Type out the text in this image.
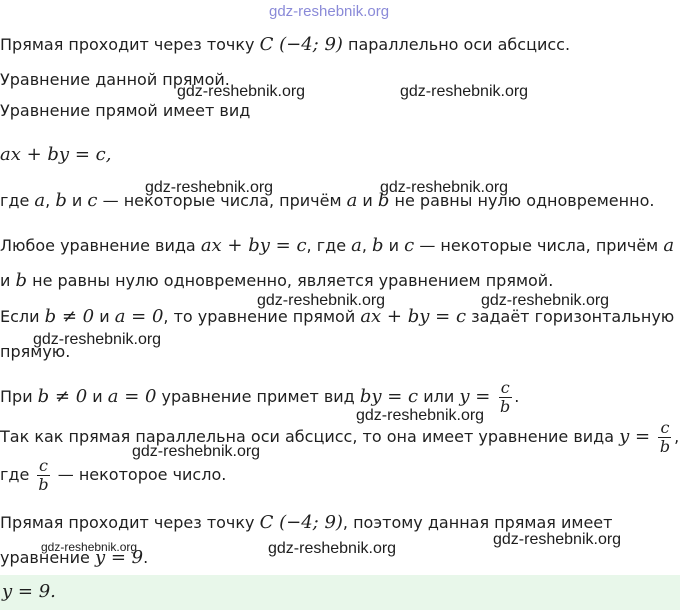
gdz-reshebnik.org
Прямая проходит через точку C (−4; 9) параллельно оси абсцисс.
Уравнение данной прямой.
gdz-reshebnik.org	gdz-reshebnik.org
Уравнение прямой имеет вид
ax + by = c,
gdz-reshebnik.org	gdz-reshebnik.org
где a, b и c — некоторые числа, причём a и b не равны нулю одновременно.
Любое уравнение вида ax + by = c, где a, b и c — некоторые числа, причём a
и b не равны нулю одновременно, является уравнением прямой.
gdz-reshebnik.org	gdz-reshebnik.org
Если b ≠ 0 и a = 0, то уравнение прямой ax + by = c задаёт горизонтальную
gdz-reshebnik.org
прямую.
При b ≠ 0 и a = 0 уравнение примет вид by = c или $y = \frac{c}{b}$ .
gdz-reshebnik.org
Так как прямая параллельна оси абсцисс, то она имеет уравнение вида $y = \frac{c}{b}$ ,
gdz-reshebnik.org
где $\frac{c}{b}$ — некоторое число.
Прямая проходит через точку C (−4; 9), поэтому данная прямая имеет
gdz-reshebnik.org
gdz-reshebnik.org	gdz-reshebnik.org
уравнение y = 9.
y = 9.
